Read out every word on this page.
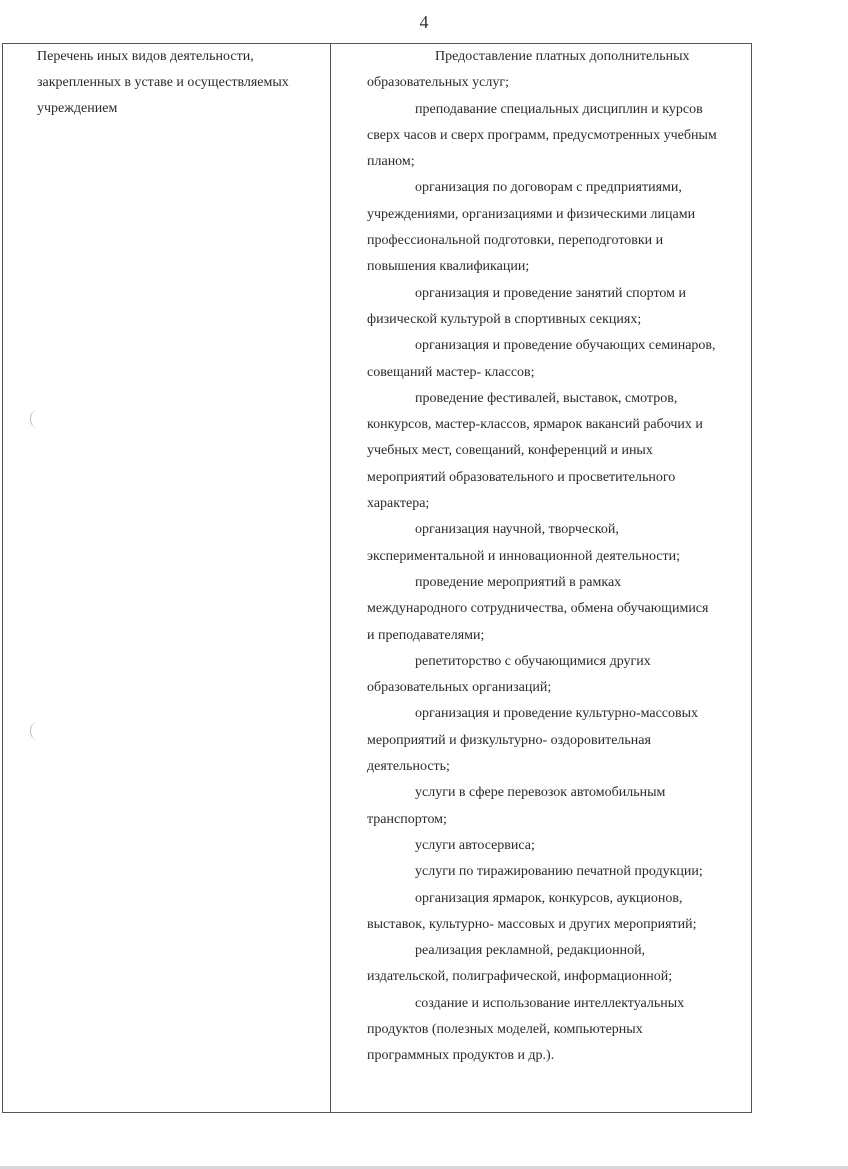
4
Перечень иных видов деятельности,
закрепленных в уставе и осуществляемых
учреждением
Предоставление платных дополнительных
образовательных услуг;
преподавание специальных дисциплин и курсов
сверх часов и сверх программ, предусмотренных учебным
планом;
организация по договорам с предприятиями,
учреждениями, организациями и физическими лицами
профессиональной подготовки, переподготовки и
повышения квалификации;
организация и проведение занятий спортом и
физической культурой в спортивных секциях;
организация и проведение обучающих семинаров,
совещаний мастер- классов;
проведение фестивалей, выставок, смотров,
конкурсов, мастер-классов, ярмарок вакансий рабочих и
учебных мест, совещаний, конференций и иных
мероприятий образовательного и просветительного
характера;
организация научной, творческой,
экспериментальной и инновационной деятельности;
проведение мероприятий в рамках
международного сотрудничества, обмена обучающимися
и преподавателями;
репетиторство с обучающимися других
образовательных организаций;
организация и проведение культурно-массовых
мероприятий и физкультурно- оздоровительная
деятельность;
услуги в сфере перевозок автомобильным
транспортом;
услуги автосервиса;
услуги по тиражированию печатной продукции;
организация ярмарок, конкурсов, аукционов,
выставок, культурно- массовых и других мероприятий;
реализация рекламной, редакционной,
издательской, полиграфической, информационной;
создание и использование интеллектуальных
продуктов (полезных моделей, компьютерных
программных продуктов и др.).
